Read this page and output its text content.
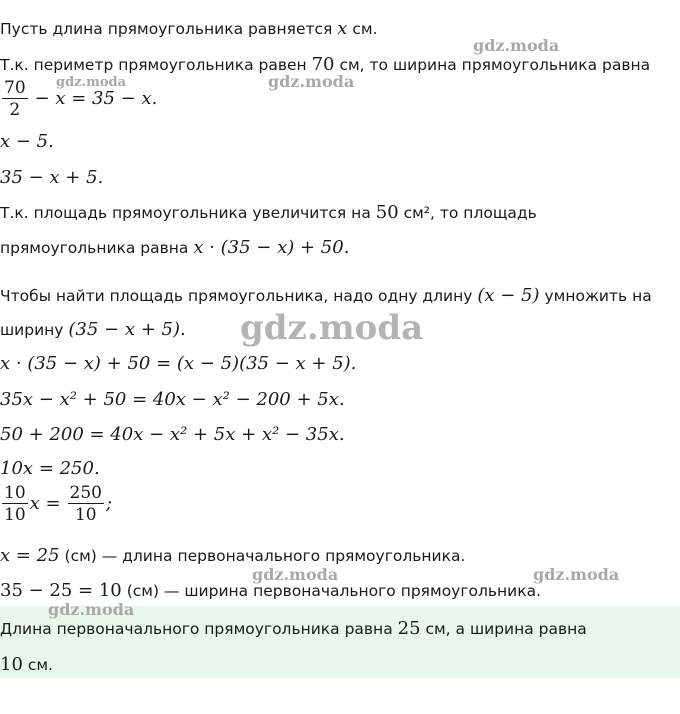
Пусть длина прямоугольника равняется x см.
Т.к. периметр прямоугольника равен 70 см, то ширина прямоугольника равна
$\frac{70}{2} - x = 35 - x$.
x − 5.
35 − x + 5.
Т.к. площадь прямоугольника увеличится на 50 см², то площадь
прямоугольника равна x · (35 − x) + 50.
Чтобы найти площадь прямоугольника, надо одну длину (x − 5) умножить на
ширину (35 − x + 5).
x · (35 − x) + 50 = (x − 5)(35 − x + 5).
35x − x² + 50 = 40x − x² − 200 + 5x.
50 + 200 = 40x − x² + 5x + x² − 35x.
10x = 250.
$\frac{10}{10}$ $x = \frac{250}{10}$ ;
x = 25 (см) — длина первоначального прямоугольника.
35 − 25 = 10 (см) — ширина первоначального прямоугольника.
Длина первоначального прямоугольника равна 25 см, а ширина равна
10 см.
gdz.moda
gdz.moda	gdz.moda
gdz.moda
gdz.moda	gdz.moda
gdz.moda
